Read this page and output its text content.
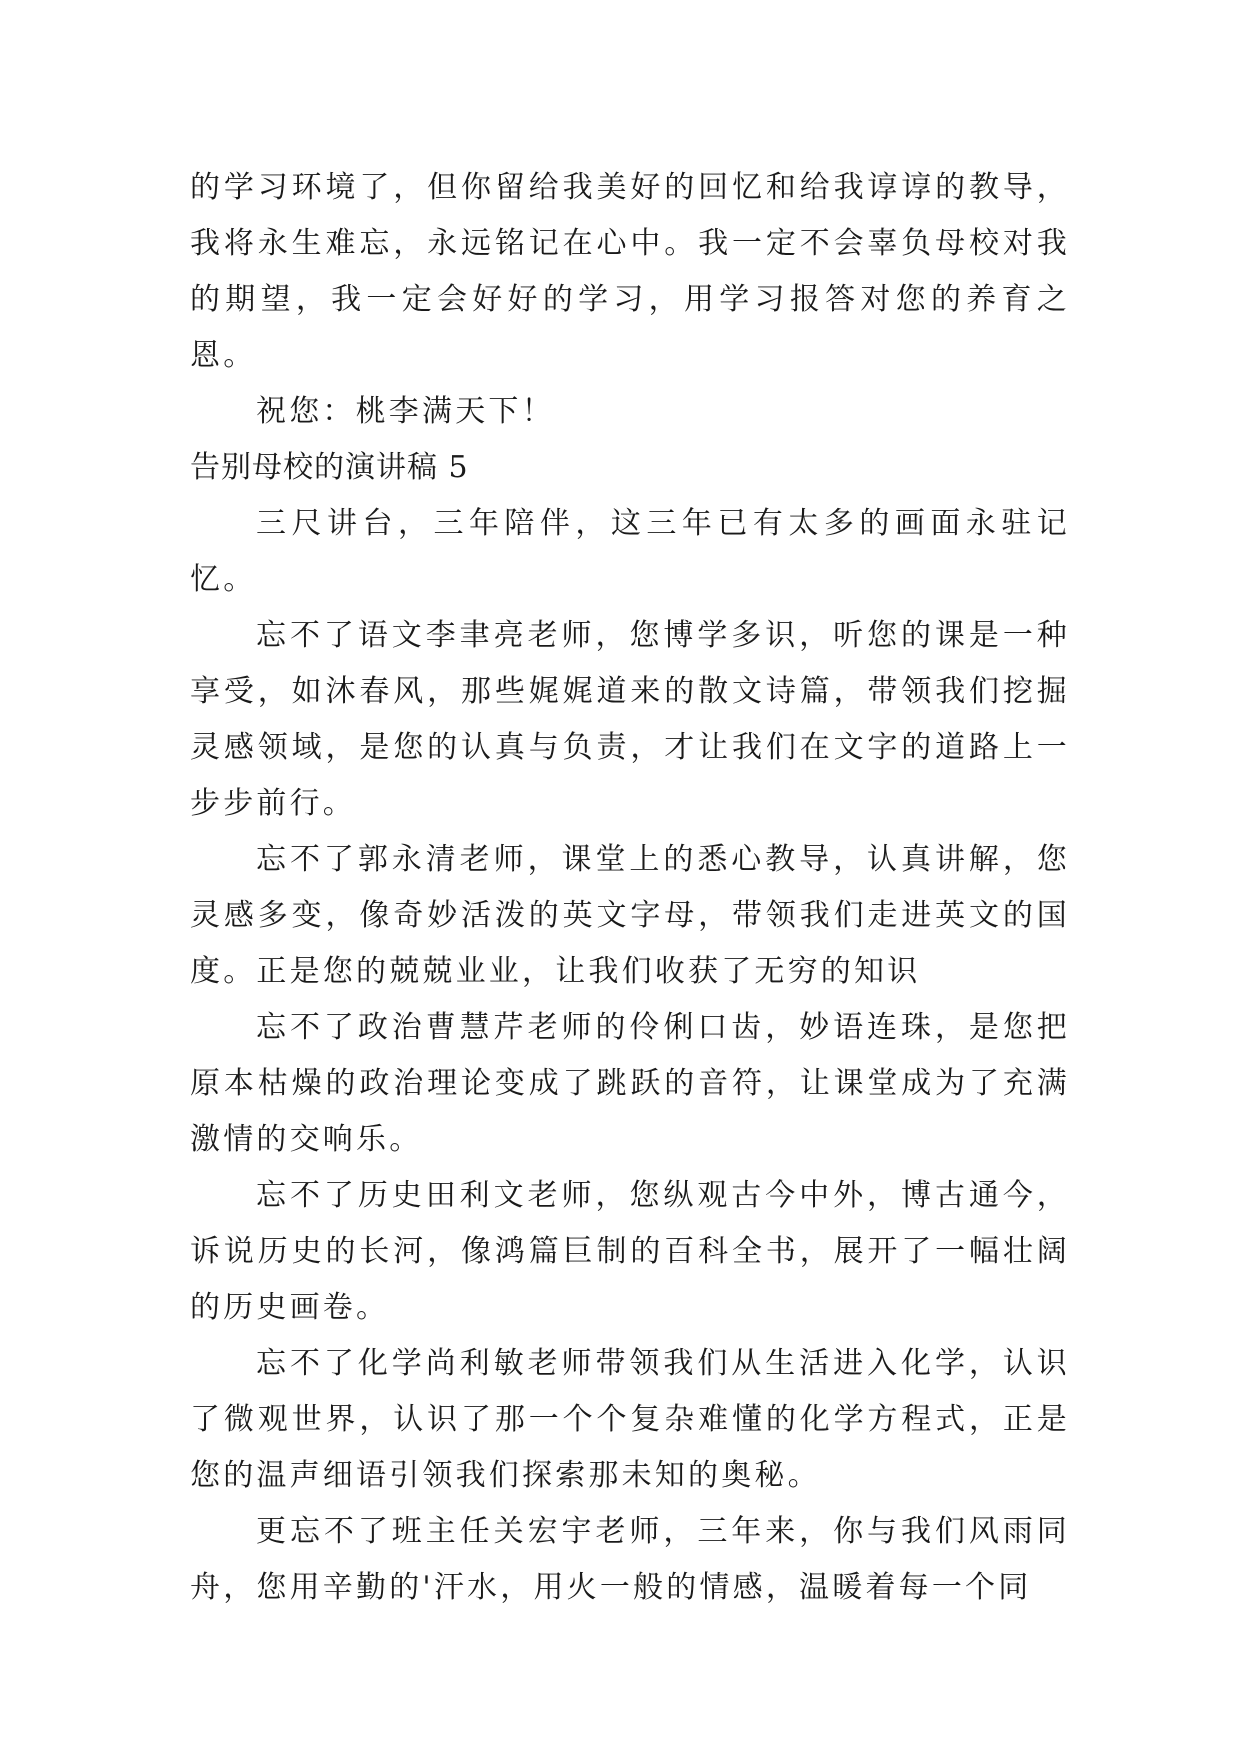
的学习环境了，但你留给我美好的回忆和给我谆谆的教导，我将永生难忘，永远铭记在心中。我一定不会辜负母校对我的期望，我一定会好好的学习，用学习报答对您的养育之恩。

祝您：桃李满天下！

告别母校的演讲稿 5

三尺讲台，三年陪伴，这三年已有太多的画面永驻记忆。

忘不了语文李聿亮老师，您博学多识，听您的课是一种享受，如沐春风，那些娓娓道来的散文诗篇，带领我们挖掘灵感领域，是您的认真与负责，才让我们在文字的道路上一步步前行。

忘不了郭永清老师，课堂上的悉心教导，认真讲解，您灵感多变，像奇妙活泼的英文字母，带领我们走进英文的国度。正是您的兢兢业业，让我们收获了无穷的知识

忘不了政治曹慧芹老师的伶俐口齿，妙语连珠，是您把原本枯燥的政治理论变成了跳跃的音符，让课堂成为了充满激情的交响乐。

忘不了历史田利文老师，您纵观古今中外，博古通今，诉说历史的长河，像鸿篇巨制的百科全书，展开了一幅壮阔的历史画卷。

忘不了化学尚利敏老师带领我们从生活进入化学，认识了微观世界，认识了那一个个复杂难懂的化学方程式，正是您的温声细语引领我们探索那未知的奥秘。

更忘不了班主任关宏宇老师，三年来，你与我们风雨同舟，您用辛勤的'汗水，用火一般的情感，温暖着每一个同
